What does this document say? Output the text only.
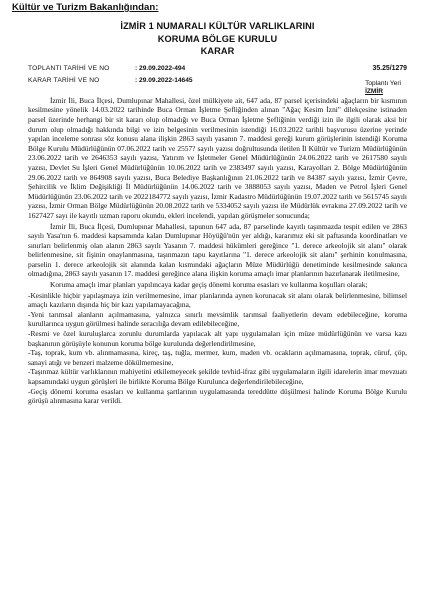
Kültür ve Turizm Bakanlığından:
İZMİR 1 NUMARALI KÜLTÜR VARLIKLARINI
KORUMA BÖLGE KURULU
KARAR
TOPLANTI TARİHİ VE NO	: 29.09.2022-494	35.25/1279
KARAR TARİHİ VE NO	: 29.09.2022-14645	Toplantı Yeri
İZMİR

İzmir İli, Buca İlçesi, Dumlupınar Mahallesi, özel mülkiyete ait, 647 ada, 87 parsel içerisindeki ağaçların bir kısmının kesilmesine yönelik 14.03.2022 tarihinde Buca Orman İşletme Şefliğinden alınan "Ağaç Kesim İzni" dilekçesine istinaden parsel üzerinde herhangi bir sit kararı olup olmadığı ve Buca Orman İşletme Şefliğinin verdiği izin ile ilgili olarak aksi bir durum olup olmadığı hakkında bilgi ve izin belgesinin verilmesinin istendiği 16.03.2022 tarihli başvurusu üzerine yerinde yapılan inceleme sonrası söz konusu alana ilişkin 2863 sayılı yasanın 7. maddesi gereği kurum görüşlerinin istendiği Koruma Bölge Kurulu Müdürlüğünün 07.06.2022 tarih ve 2557? sayılı yazısı doğrultusunda iletilen İl Kültür ve Turizm Müdürlüğünün 23.06.2022 tarih ve 2646353 sayılı yazısı, Yatırım ve İşletmeler Genel Müdürlüğünün 24.06.2022 tarih ve 2617580 sayılı yazısı, Devlet Su İşleri Genel Müdürlüğünün 10.06.2022 tarih ve 2383497 sayılı yazısı, Karayolları 2. Bölge Müdürlüğünün 29.06.2022 tarih ve 864908 sayılı yazısı, Buca Belediye Başkanlığının 21.06.2022 tarih ve 84387 sayılı yazısı, İzmir Çevre, Şehircilik ve İklim Değişikliği İl Müdürlüğünün 14.06.2022 tarih ve 3888053 sayılı yazısı, Maden ve Petrol İşleri Genel Müdürlüğünün 23.06.2022 tarih ve 2022184772 sayılı yazısı, İzmir Kadastro Müdürlüğünün 19.07.2022 tarih ve 5615745 sayılı yazısı, İzmir Orman Bölge Müdürlüğünün 20.08.2022 tarih ve 5334052 sayılı yazısı ile Müdürlük evrakına 27.09.2022 tarih ve 1627427 sayı ile kayıtlı uzman raporu okundu, ekleri incelendi, yapılan görüşmeler sonucunda;

İzmir İli, Buca İlçesi, Dumlupınar Mahallesi, tapunun 647 ada, 87 parselinde kayıtlı taşınmazda tespit edilen ve 2863 sayılı Yasa'nın 6. maddesi kapsamında kalan Dumlupınar Höyüğü'nün yer aldığı, kararımız eki sit paftasında koordinatları ve sınırları belirlenmiş olan alanın 2863 sayılı Yasanın 7. maddesi hükümleri gereğince "1. derece arkeolojik sit alanı" olarak belirlenmesine, sit fişinin onaylanmasına, taşınmazın tapu kayıtlarına "1. derece arkeolojik sit alanı" şerhinin konulmasına, parselin 1. derece arkeolojik sit alanında kalan kısmındaki ağaçların Müze Müdürlüğü denetiminde kesilmesinde sakınca olmadığına, 2863 sayılı yasanın 17. maddesi gereğince alana ilişkin koruma amaçlı imar planlarının hazırlanarak iletilmesine,

Koruma amaçlı imar planları yapılıncaya kadar geçiş dönemi koruma esasları ve kullanma koşulları olarak;

-Kesinlikle hiçbir yapılaşmaya izin verilmemesine, imar planlarında aynen korunacak sit alanı olarak belirlenmesine, bilimsel amaçlı kazıların dışında hiç bir kazı yapılamayacağına,

-Yeni tarımsal alanların açılmamasına, yalnızca sınırlı mevsimlik tarımsal faaliyetlerin devam edebileceğine, koruma kurullarınca uygun görülmesi halinde seracılığa devam edilebileceğine,

-Resmi ve özel kuruluşlarca zorunlu durumlarda yapılacak alt yapı uygulamaları için müze müdürlüğünün ve varsa kazı başkanının görüşüyle konunun koruma bölge kurulunda değerlendirilmesine,

-Taş, toprak, kum vb. alınmamasına, kireç, taş, tuğla, mermer, kum, maden vb. ocakların açılmamasına, toprak, cüruf, çöp, sanayi atığı ve benzeri malzeme dökülmemesine,

-Taşınmaz kültür varlıklarının mahiyetini etkilemeyecek şekilde tevhid-ifraz gibi uygulamaların ilgili idarelerin imar mevzuatı kapsamındaki uygun görüşleri ile birlikte Koruma Bölge Kurulunca değerlendirilebileceğine,

-Geçiş dönemi koruma esasları ve kullanma şartlarının uygulamasında tereddütte düşülmesi halinde Koruma Bölge Kurulu görüşü alınmasına karar verildi.
